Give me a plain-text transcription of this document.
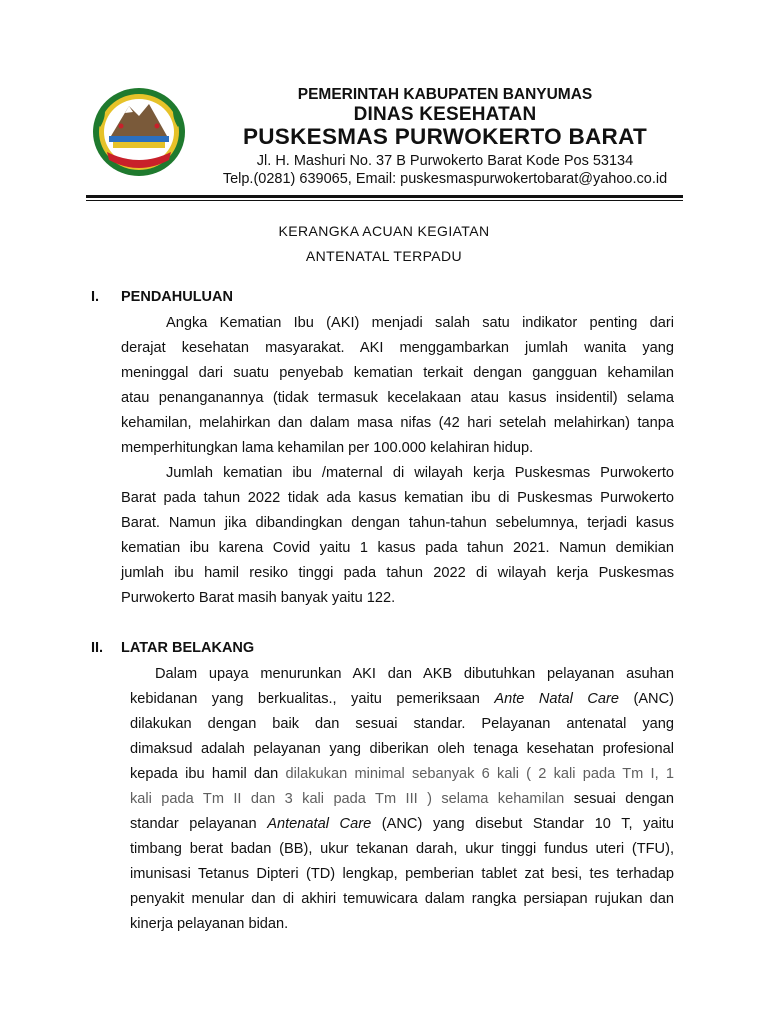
PEMERINTAH KABUPATEN BANYUMAS
DINAS KESEHATAN
PUSKESMAS PURWOKERTO BARAT
Jl. H. Mashuri No. 37 B Purwokerto Barat Kode Pos 53134
Telp.(0281) 639065, Email: puskesmaspurwokertobarat@yahoo.co.id
KERANGKA ACUAN KEGIATAN
ANTENATAL TERPADU
I. PENDAHULUAN
Angka Kematian Ibu (AKI) menjadi salah satu indikator penting dari
derajat kesehatan masyarakat. AKI menggambarkan jumlah wanita yang
meninggal dari suatu penyebab kematian terkait dengan gangguan kehamilan
atau penanganannya (tidak termasuk kecelakaan atau kasus insidentil) selama
kehamilan, melahirkan dan dalam masa nifas (42 hari setelah melahirkan) tanpa
memperhitungkan lama kehamilan per 100.000 kelahiran hidup.
Jumlah kematian ibu /maternal di wilayah kerja Puskesmas Purwokerto
Barat pada tahun 2022 tidak ada kasus kematian ibu di Puskesmas Purwokerto
Barat. Namun jika dibandingkan dengan tahun-tahun sebelumnya, terjadi kasus
kematian ibu karena Covid yaitu 1 kasus pada tahun 2021. Namun demikian
jumlah ibu hamil resiko tinggi pada tahun 2022 di wilayah kerja Puskesmas
Purwokerto Barat masih banyak yaitu 122.
II. LATAR BELAKANG
Dalam upaya menurunkan AKI dan AKB dibutuhkan pelayanan asuhan
kebidanan yang berkualitas., yaitu pemeriksaan Ante Natal Care (ANC)
dilakukan dengan baik dan sesuai standar. Pelayanan antenatal yang
dimaksud adalah pelayanan yang diberikan oleh tenaga kesehatan profesional
kepada ibu hamil dan dilakukan minimal sebanyak 6 kali ( 2 kali pada Tm I, 1
kali pada Tm II dan 3 kali pada Tm III ) selama kehamilan sesuai dengan
standar pelayanan Antenatal Care (ANC) yang disebut Standar 10 T, yaitu
timbang berat badan (BB), ukur tekanan darah, ukur tinggi fundus uteri (TFU),
imunisasi Tetanus Dipteri (TD) lengkap, pemberian tablet zat besi, tes terhadap
penyakit menular dan di akhiri temuwicara dalam rangka persiapan rujukan dan
kinerja pelayanan bidan.
